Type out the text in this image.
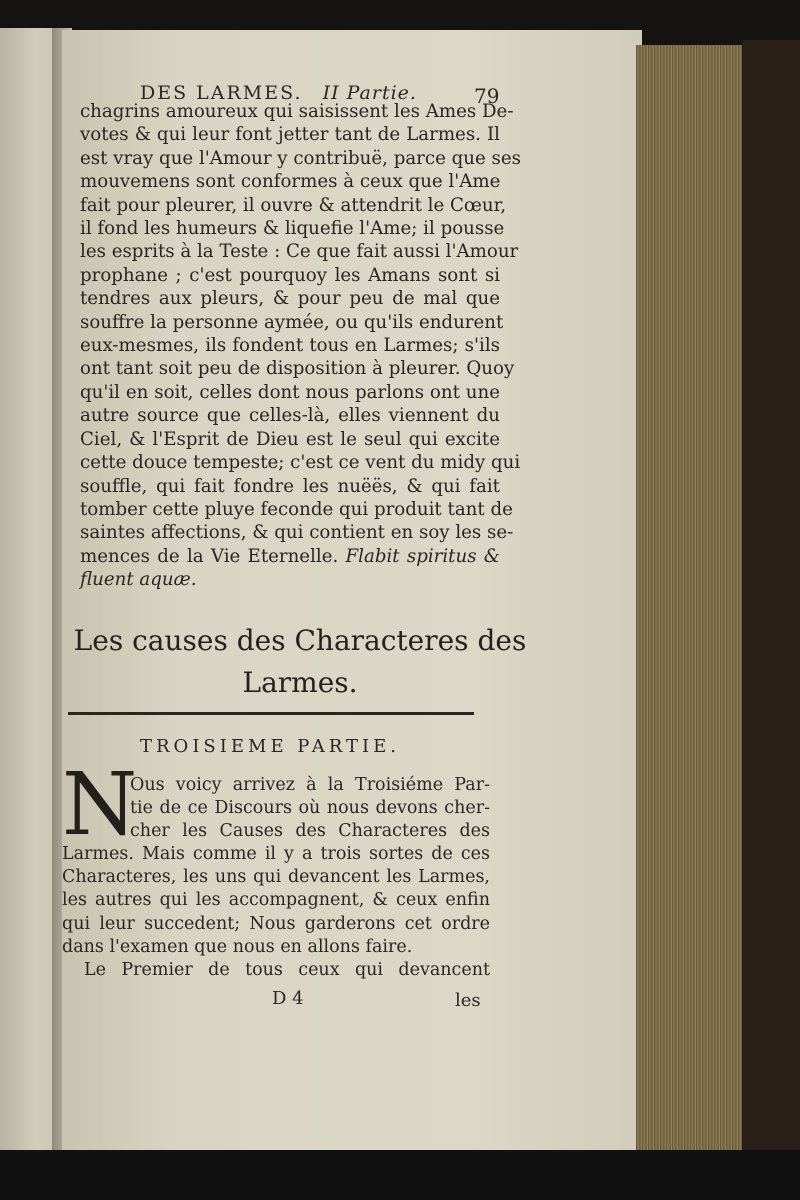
DES LARMES. II Partie.	79
chagrins amoureux qui saisissent les Ames De-
votes & qui leur font jetter tant de Larmes. Il
est vray que l'Amour y contribuë, parce que ses
mouvemens sont conformes à ceux que l'Ame
fait pour pleurer, il ouvre & attendrit le Cœur,
il fond les humeurs & liquefie l'Ame; il pousse
les esprits à la Teste : Ce que fait aussi l'Amour
prophane ; c'est pourquoy les Amans sont si
tendres aux pleurs, & pour peu de mal que
souffre la personne aymée, ou qu'ils endurent
eux-mesmes, ils fondent tous en Larmes; s'ils
ont tant soit peu de disposition à pleurer. Quoy
qu'il en soit, celles dont nous parlons ont une
autre source que celles-là, elles viennent du
Ciel, & l'Esprit de Dieu est le seul qui excite
cette douce tempeste; c'est ce vent du midy qui
souffle, qui fait fondre les nuëës, & qui fait
tomber cette pluye feconde qui produit tant de
saintes affections, & qui contient en soy les se-
mences de la Vie Eternelle. Flabit spiritus &
fluent aquæ.
Les causes des Characteres des
Larmes.
TROISIEME PARTIE.
N
Ous voicy arrivez à la Troisiéme Par-
tie de ce Discours où nous devons cher-
cher les Causes des Characteres des
Larmes. Mais comme il y a trois sortes de ces
Characteres, les uns qui devancent les Larmes,
les autres qui les accompagnent, & ceux enfin
qui leur succedent; Nous garderons cet ordre
dans l'examen que nous en allons faire.
Le Premier de tous ceux qui devancent
D 4	les
